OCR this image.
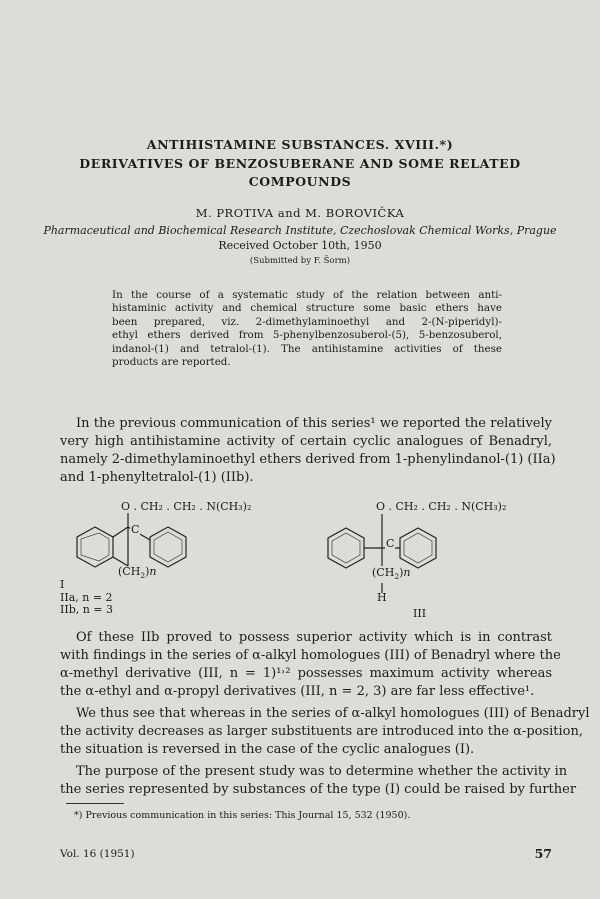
ANTIHISTAMINE SUBSTANCES. XVIII.*)
DERIVATIVES OF BENZOSUBERANE AND SOME RELATED
COMPOUNDS
M. PROTIVA and M. BOROVIČKA
Pharmaceutical and Biochemical Research Institute, Czechoslovak Chemical Works, Prague
Received October 10th, 1950
(Submitted by F. Šorm)
In the course of a systematic study of the relation between anti-
histaminic activity and chemical structure some basic ethers have
been prepared, viz. 2-dimethylaminoethyl and 2-(N-piperidyl)-
ethyl ethers derived from 5-phenylbenzosuberol-(5), 5-benzosuberol,
indanol-(1) and tetralol-(1). The antihistamine activities of these
products are reported.
In the previous communication of this series¹ we reported the relatively
very high antihistamine activity of certain cyclic analogues of Benadryl,
namely 2-dimethylaminoethyl ethers derived from 1-phenylindanol-(1) (IIa)
and 1-phenyltetralol-(1) (IIb).
O . CH₂ . CH₂ . N(CH₃)₂
C
$(CH_2)n$
I
IIa, n = 2
IIb, n = 3
O . CH₂ . CH₂ . N(CH₃)₂
C
$(CH_2)n$
H
III
Of these IIb proved to possess superior activity which is in contrast
with findings in the series of α-alkyl homologues (III) of Benadryl where the
α-methyl derivative (III, n = 1)¹˒² possesses maximum activity whereas
the α-ethyl and α-propyl derivatives (III, n = 2, 3) are far less effective¹.
We thus see that whereas in the series of α-alkyl homologues (III) of Benadryl
the activity decreases as larger substituents are introduced into the α-position,
the situation is reversed in the case of the cyclic analogues (I).
The purpose of the present study was to determine whether the activity in
the series represented by substances of the type (I) could be raised by further
*) Previous communication in this series: This Journal 15, 532 (1950).
Vol. 16 (1951)	57
